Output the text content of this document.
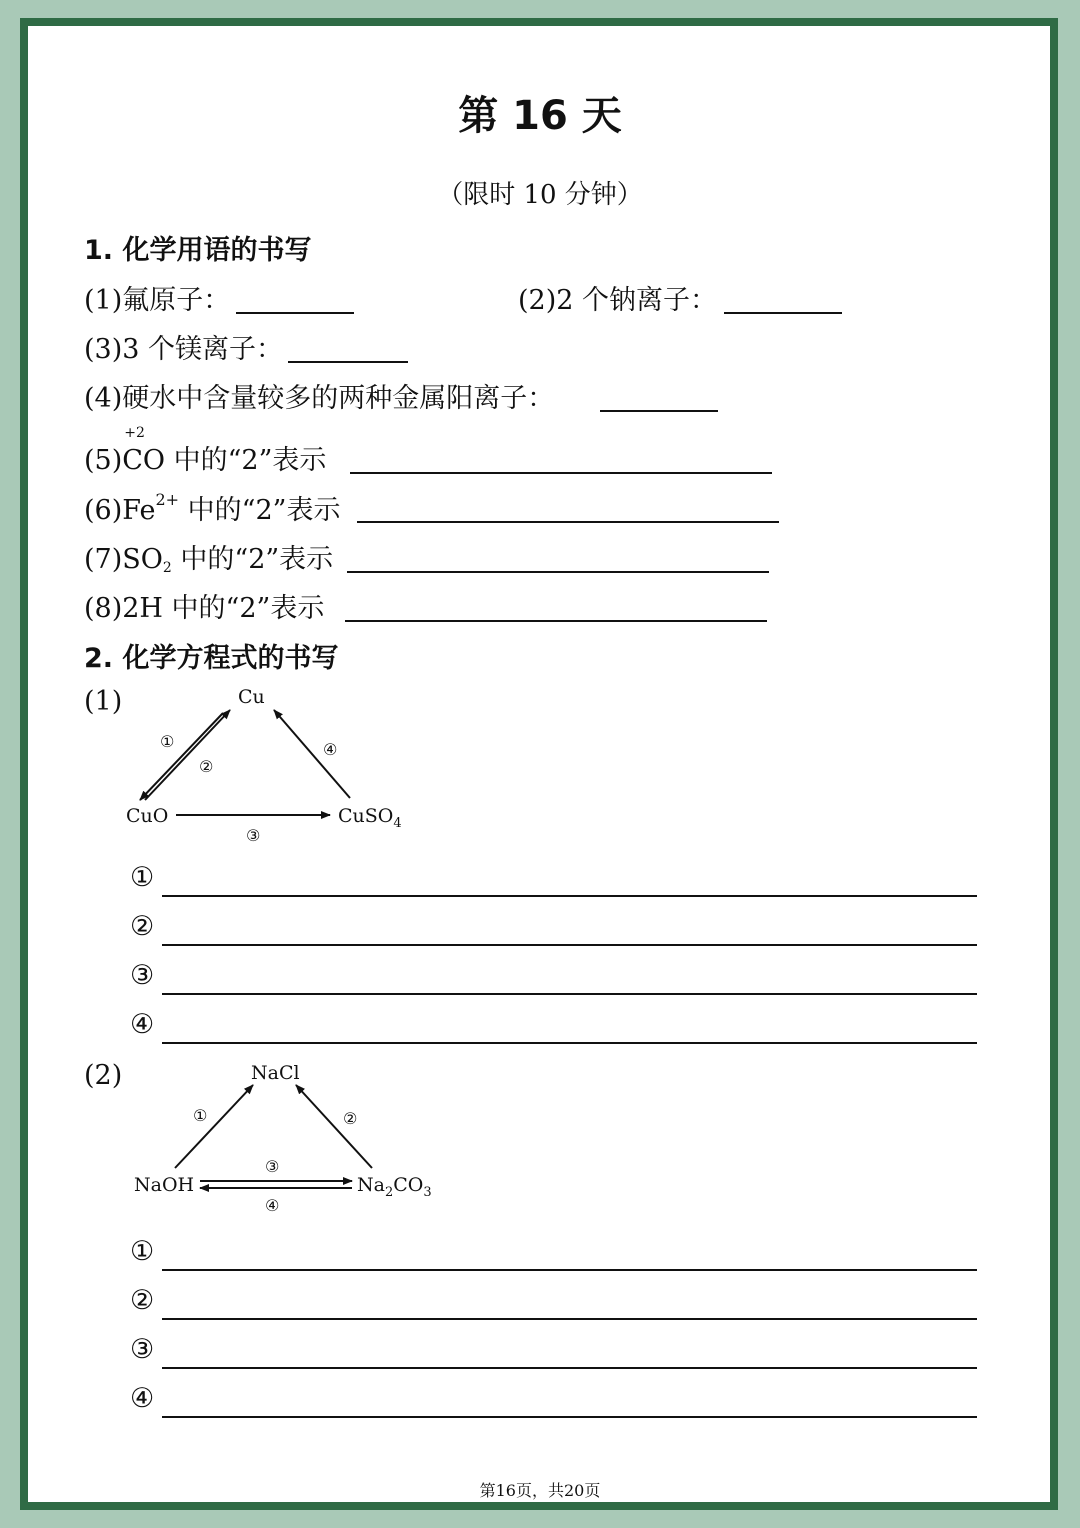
第 16 天
（限时 10 分钟）
1. 化学用语的书写
(1)氟原子：	(2)2 个钠离子：
(3)3 个镁离子：
(4)硬水中含量较多的两种金属阳离子：
(5)
+2
CO 中的“2”表示
$(6)Fe^{2+}$ 中的“2”表示
$(7)SO_2$ 中的“2”表示
(8)2H 中的“2”表示
2. 化学方程式的书写
(1)	Cu
CuO	CuSO$_4$
①
②
③
④
NaCl
NaOH	$Na_2CO_3$
①	②
③
④
①
②
③
④
(2)
①
②
③
④
第16页，共20页
